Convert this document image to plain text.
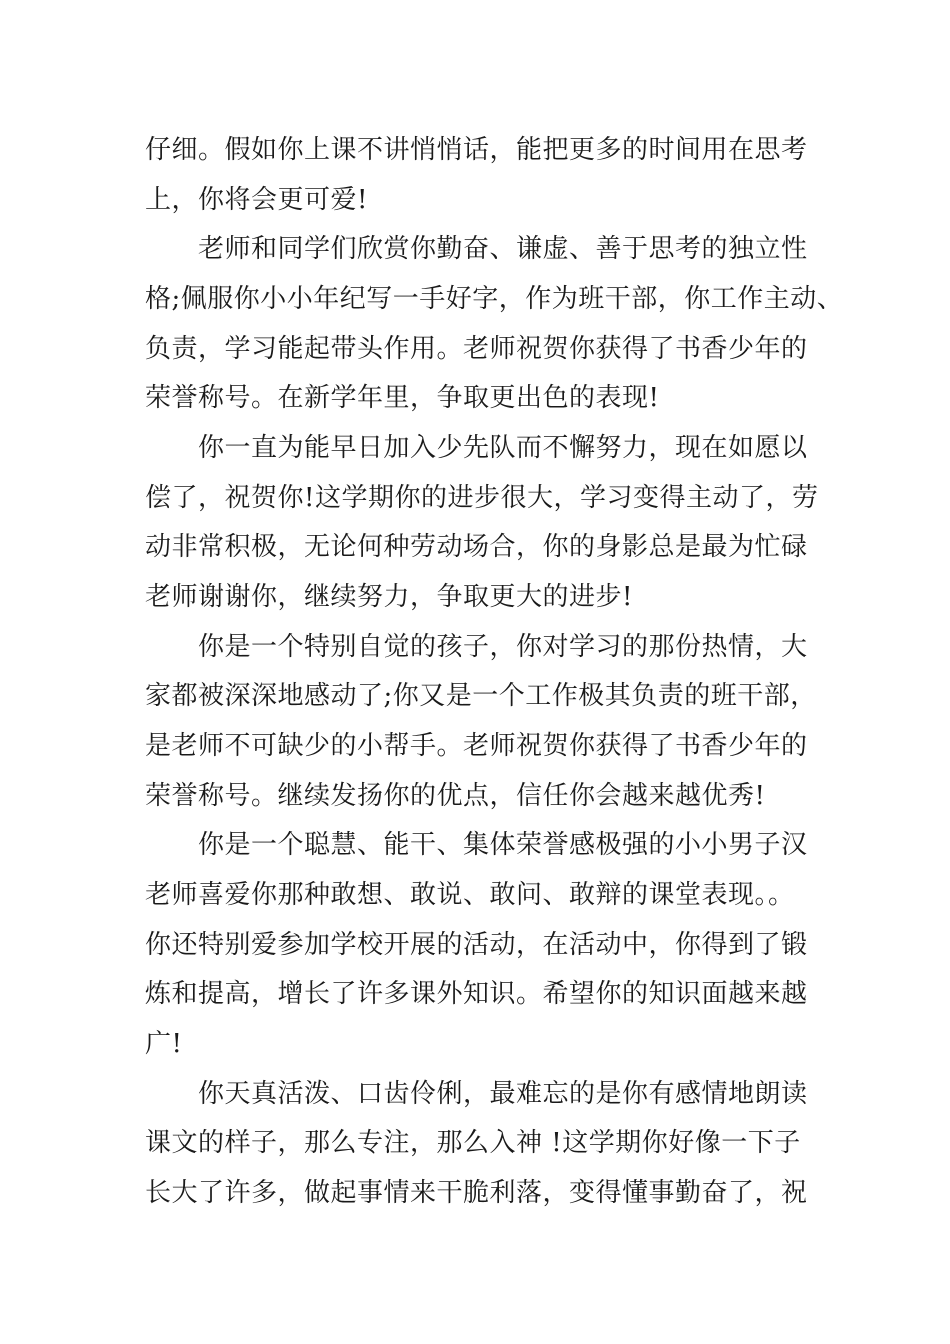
仔细。假如你上课不讲悄悄话，能把更多的时间用在思考
上，你将会更可爱!
老师和同学们欣赏你勤奋、谦虚、善于思考的独立性
格;佩服你小小年纪写一手好字，作为班干部，你工作主动、
负责，学习能起带头作用。老师祝贺你获得了书香少年的
荣誉称号。在新学年里，争取更出色的表现!
你一直为能早日加入少先队而不懈努力，现在如愿以
偿了，祝贺你!这学期你的进步很大，学习变得主动了，劳
动非常积极，无论何种劳动场合，你的身影总是最为忙碌
老师谢谢你，继续努力，争取更大的进步!
你是一个特别自觉的孩子，你对学习的那份热情，大
家都被深深地感动了;你又是一个工作极其负责的班干部，
是老师不可缺少的小帮手。老师祝贺你获得了书香少年的
荣誉称号。继续发扬你的优点，信任你会越来越优秀!
你是一个聪慧、能干、集体荣誉感极强的小小男子汉
老师喜爱你那种敢想、敢说、敢问、敢辩的课堂表现。。
你还特别爱参加学校开展的活动，在活动中，你得到了锻
炼和提高，增长了许多课外知识。希望你的知识面越来越
广!
你天真活泼、口齿伶俐，最难忘的是你有感情地朗读
课文的样子，那么专注，那么入神 !这学期你好像一下子
长大了许多，做起事情来干脆利落，变得懂事勤奋了，祝
